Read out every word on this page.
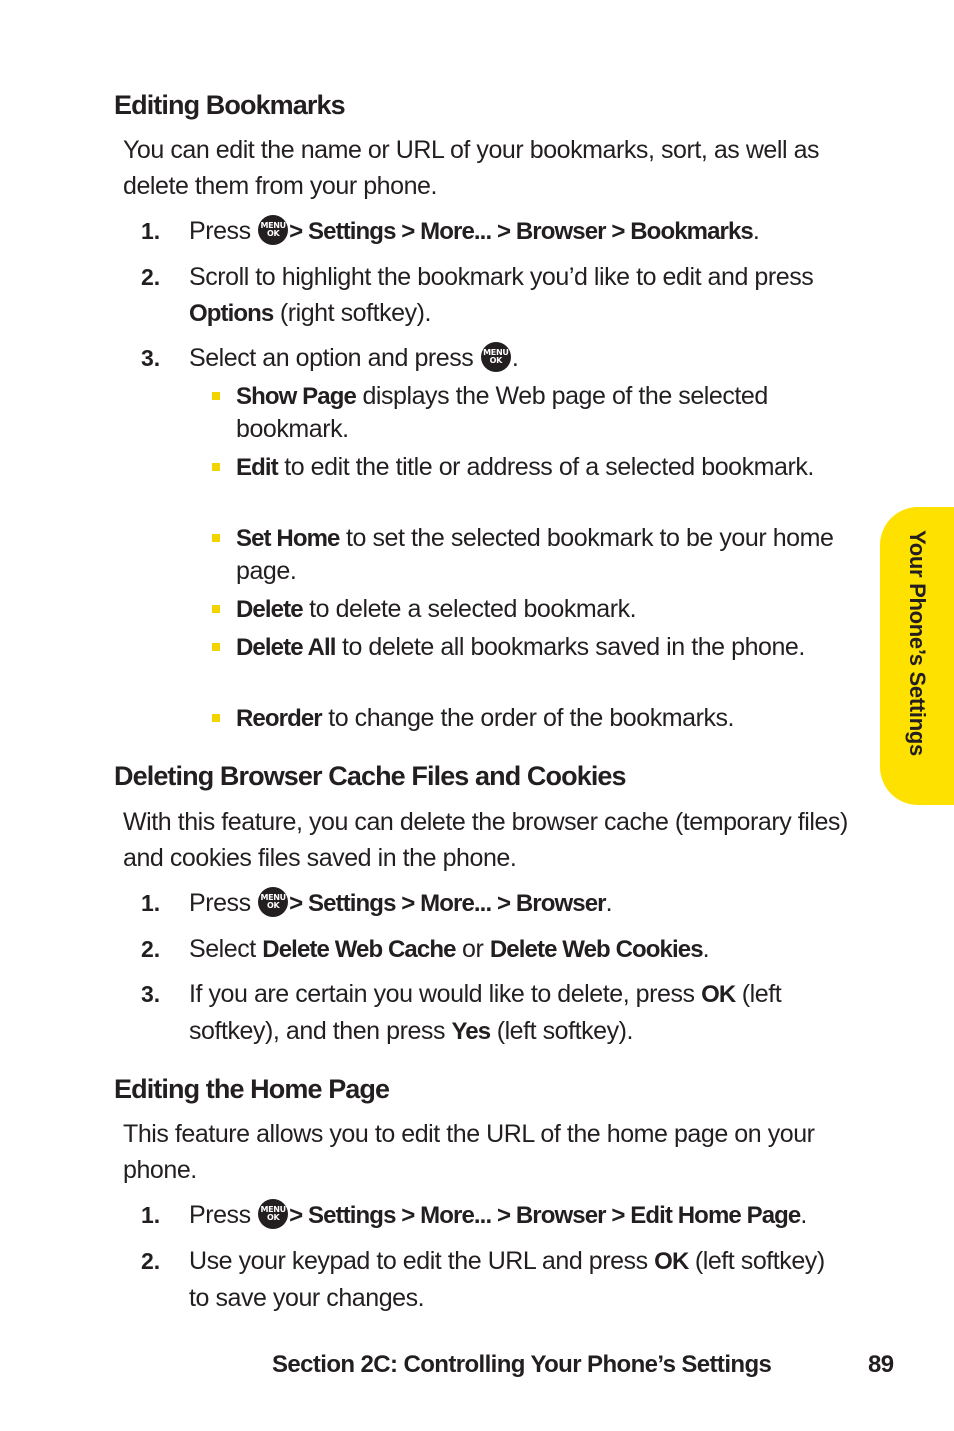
Editing Bookmarks

You can edit the name or URL of your bookmarks, sort, as well as delete them from your phone.

1. Press MENU
OK > Settings > More... > Browser > Bookmarks.
2. Scroll to highlight the bookmark you’d like to edit and press Options (right softkey).
3. Select an option and press MENU
OK .
Show Page displays the Web page of the selected bookmark.
Edit to edit the title or address of a selected bookmark.
Set Home to set the selected bookmark to be your home page.
Delete to delete a selected bookmark.
Delete All to delete all bookmarks saved in the phone.
Reorder to change the order of the bookmarks.
Deleting Browser Cache Files and Cookies

With this feature, you can delete the browser cache (temporary files) and cookies files saved in the phone.

1. Press MENU
OK > Settings > More... > Browser.
2. Select Delete Web Cache or Delete Web Cookies.
3. If you are certain you would like to delete, press OK (left softkey), and then press Yes (left softkey).
Editing the Home Page

This feature allows you to edit the URL of the home page on your phone.

1. Press MENU
OK > Settings > More... > Browser > Edit Home Page.
2. Use your keypad to edit the URL and press OK (left softkey) to save your changes.
Your Phone’s Settings
Section 2C: Controlling Your Phone’s Settings	89
